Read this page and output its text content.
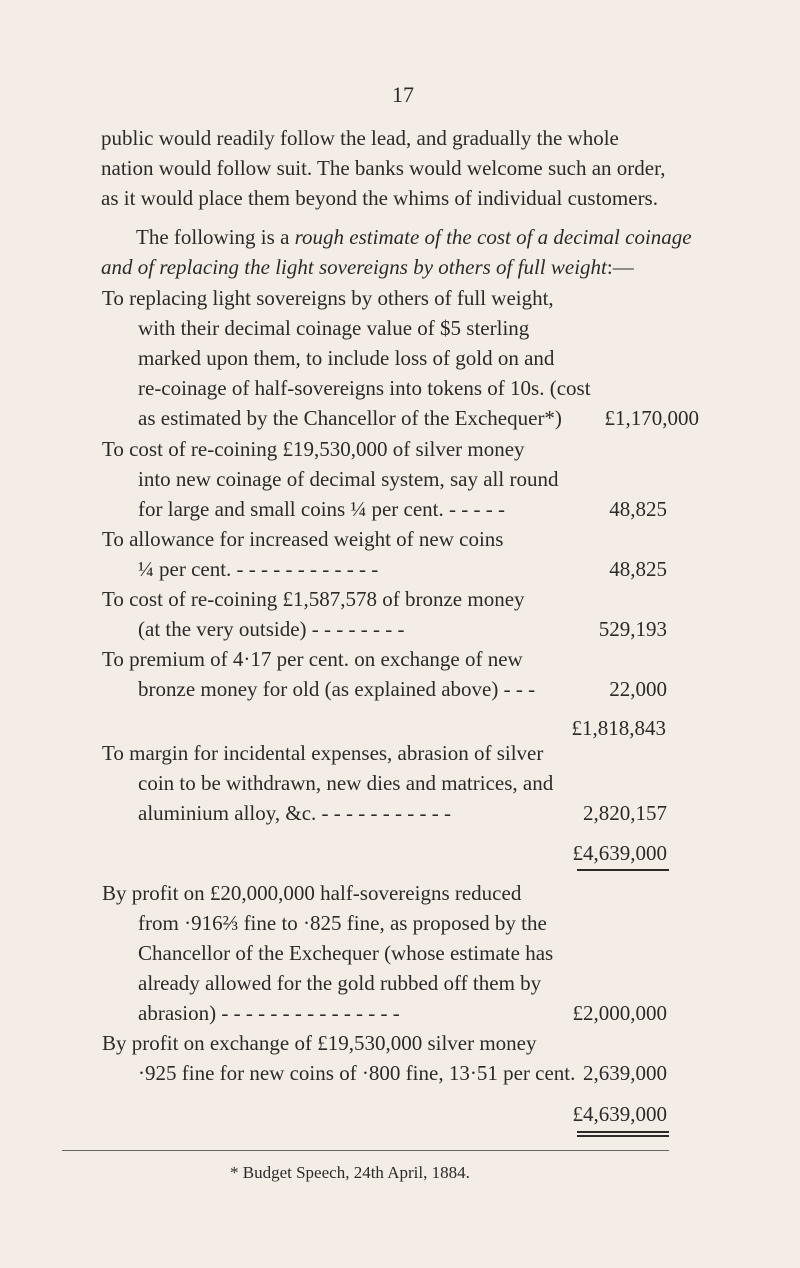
17
public would readily follow the lead, and gradually the whole
nation would follow suit. The banks would welcome such an order,
as it would place them beyond the whims of individual customers.
The following is a rough estimate of the cost of a decimal coinage
and of replacing the light sovereigns by others of full weight:—
To replacing light sovereigns by others of full weight,
with their decimal coinage value of $5 sterling
marked upon them, to include loss of gold on and
re-coinage of half-sovereigns into tokens of 10s. (cost
as estimated by the Chancellor of the Exchequer*) £1,170,000
To cost of re-coining £19,530,000 of silver money
into new coinage of decimal system, say all round
for large and small coins ¼ per cent. - - - - -	48,825
To allowance for increased weight of new coins
¼ per cent. - - - - - - - - - - - -	48,825
To cost of re-coining £1,587,578 of bronze money
(at the very outside) - - - - - - - -	529,193
To premium of 4·17 per cent. on exchange of new
bronze money for old (as explained above) - - -	22,000
£1,818,843
To margin for incidental expenses, abrasion of silver
coin to be withdrawn, new dies and matrices, and
aluminium alloy, &c. - - - - - - - - - - -	2,820,157
£4,639,000
By profit on £20,000,000 half-sovereigns reduced
from ·916⅔ fine to ·825 fine, as proposed by the
Chancellor of the Exchequer (whose estimate has
already allowed for the gold rubbed off them by
abrasion) - - - - - - - - - - - - - - -	£2,000,000
By profit on exchange of £19,530,000 silver money
·925 fine for new coins of ·800 fine, 13·51 per cent. 2,639,000
£4,639,000
* Budget Speech, 24th April, 1884.
